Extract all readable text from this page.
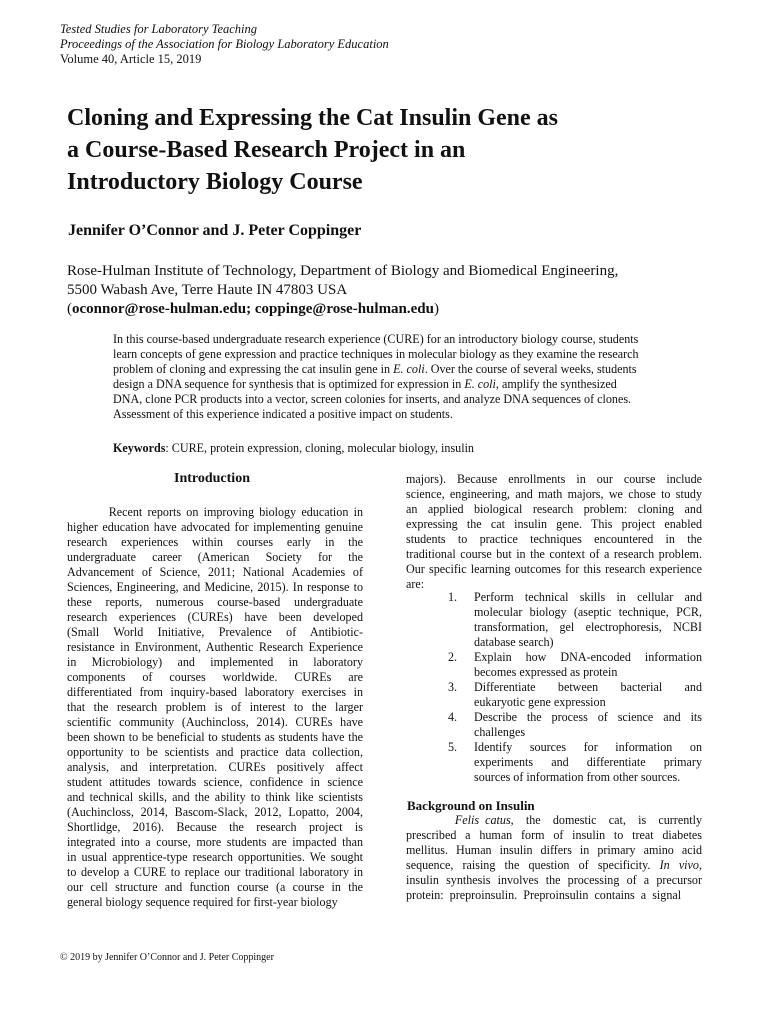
Tested Studies for Laboratory Teaching
Proceedings of the Association for Biology Laboratory Education
Volume 40, Article 15, 2019
Cloning and Expressing the Cat Insulin Gene as
a Course-Based Research Project in an
Introductory Biology Course
Jennifer O’Connor and J. Peter Coppinger
Rose-Hulman Institute of Technology, Department of Biology and Biomedical Engineering,
5500 Wabash Ave, Terre Haute IN 47803 USA
(oconnor@rose-hulman.edu; coppinge@rose-hulman.edu)
In this course-based undergraduate research experience (CURE) for an introductory biology course, students
learn concepts of gene expression and practice techniques in molecular biology as they examine the research
problem of cloning and expressing the cat insulin gene in E. coli. Over the course of several weeks, students
design a DNA sequence for synthesis that is optimized for expression in E. coli, amplify the synthesized
DNA, clone PCR products into a vector, screen colonies for inserts, and analyze DNA sequences of clones.
Assessment of this experience indicated a positive impact on students.
Keywords: CURE, protein expression, cloning, molecular biology, insulin
Introduction
Recent reports on improving biology education in
higher education have advocated for implementing genuine
research   experiences   within   courses   early   in   the
undergraduate  career  (American  Society  for  the
Advancement of Science, 2011; National Academies of
Sciences, Engineering, and Medicine, 2015). In response to
these  reports,  numerous  course-based  undergraduate
research  experiences  (CUREs)  have  been  developed
(Small  World  Initiative,  Prevalence  of  Antibiotic-
resistance in Environment, Authentic Research Experience
in  Microbiology)  and  implemented  in  laboratory
components  of  courses  worldwide.  CUREs  are
differentiated from inquiry-based laboratory exercises in
that  the  research  problem  is  of  interest  to  the  larger
scientific community (Auchincloss, 2014). CUREs have
been shown to be beneficial to students as students have the
opportunity to be scientists and practice data collection,
analysis,  and  interpretation.  CUREs  positively  affect
student attitudes towards science, confidence in science
and technical skills, and the ability to think like scientists
(Auchincloss, 2014, Bascom-Slack, 2012, Lopatto, 2004,
Shortlidge,  2016).  Because  the  research  project  is
integrated into a course, more students are impacted than
in usual apprentice-type research opportunities. We sought
to develop a CURE to replace our traditional laboratory in
our cell structure and function course (a course in the
general biology sequence required for first-year biology
majors).  Because  enrollments  in  our  course  include
science, engineering, and math majors, we chose to study
an  applied  biological  research  problem:  cloning  and
expressing  the  cat  insulin  gene.  This  project  enabled
students  to  practice  techniques  encountered  in  the
traditional course but in the context of a research problem.
Our specific learning outcomes for this research experience
are:
1. Perform technical skills in cellular and
molecular biology (aseptic technique, PCR,
transformation, gel electrophoresis, NCBI
database search)
2. Explain how DNA-encoded information
becomes expressed as protein
3. Differentiate between bacterial and
eukaryotic gene expression
4. Describe the process of science and its
challenges
5. Identify sources for information on
experiments and differentiate primary
sources of information from other sources.
Background on Insulin
Felis catus,  the  domestic  cat,  is  currently
prescribed a human form of insulin to treat diabetes
mellitus. Human insulin differs in primary amino acid
sequence, raising the question of specificity. In vivo,
insulin synthesis involves the processing of a precursor
protein:  preproinsulin.  Preproinsulin  contains  a  signal
© 2019 by Jennifer O’Connor and J. Peter Coppinger
